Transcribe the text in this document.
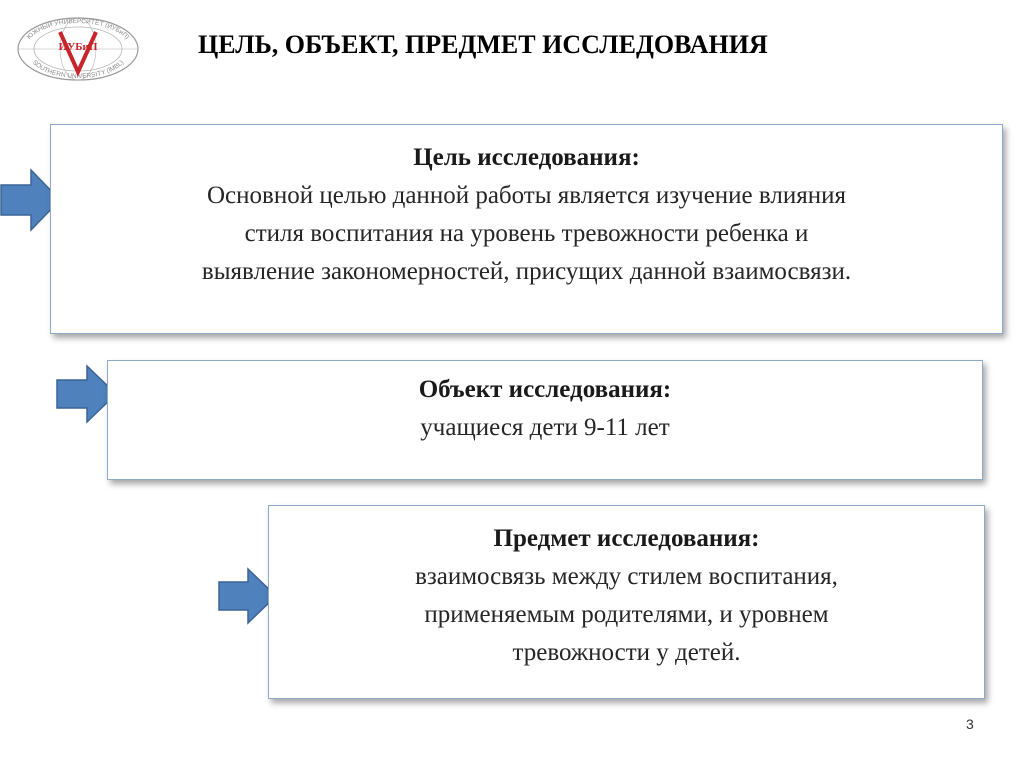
ЮЖНЫЙ УНИВЕРСИТЕТ (ИУБиП)
SOUTHERN UNIVERSITY (IMBL)
ИУБиП	ЦЕЛЬ, ОБЪЕКТ, ПРЕДМЕТ ИССЛЕДОВАНИЯ
Цель исследования:
Основной целью данной работы является изучение влияния
стиля воспитания на уровень тревожности ребенка и
выявление закономерностей, присущих данной взаимосвязи.
Объект исследования:
учащиеся дети 9-11 лет
Предмет исследования:
взаимосвязь между стилем воспитания,
применяемым родителями, и уровнем
тревожности у детей.
3
